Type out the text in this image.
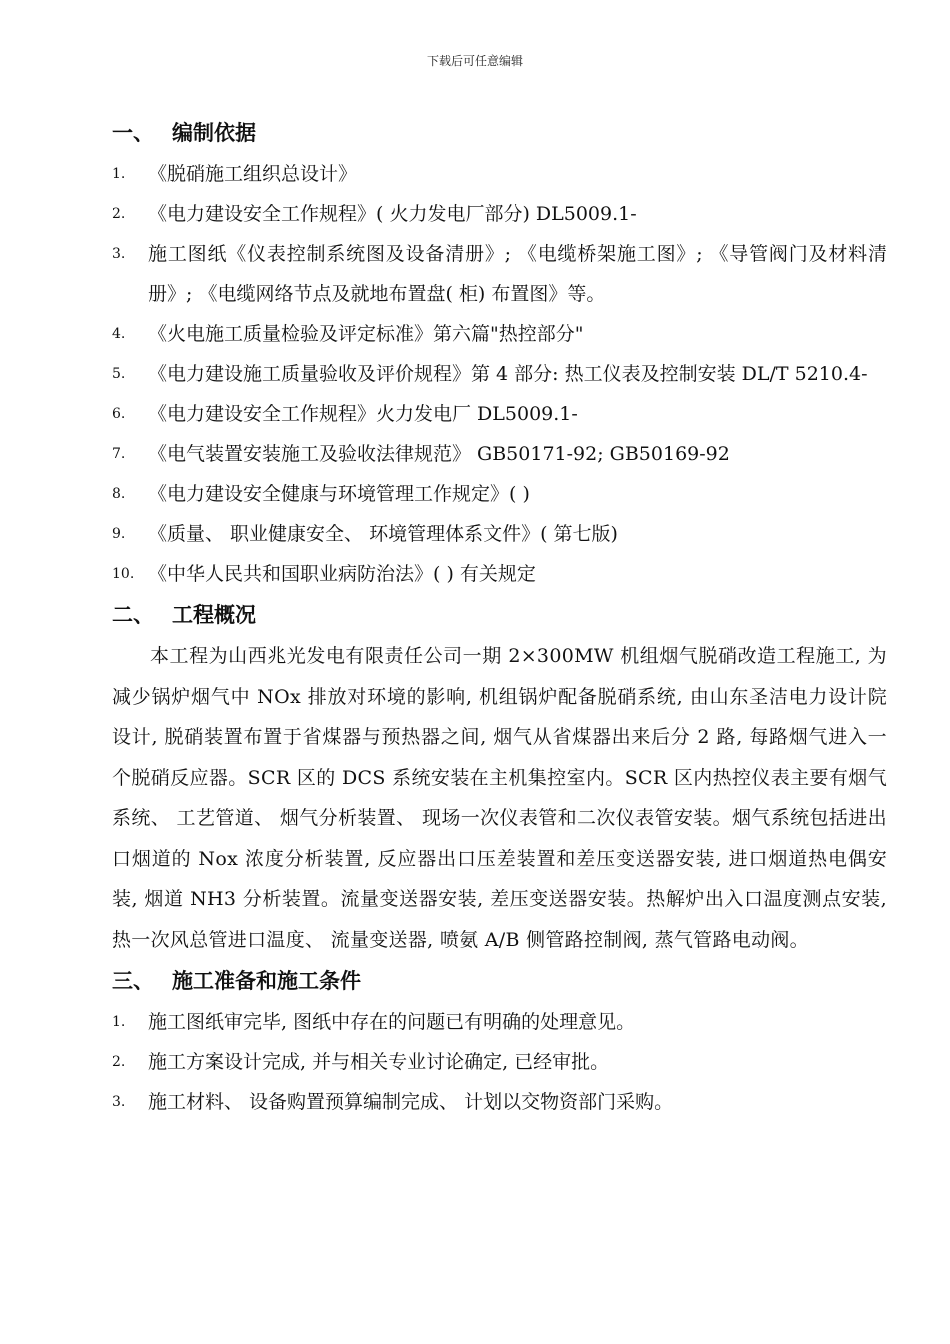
下载后可任意编辑
一、 编制依据
1.	《脱硝施工组织总设计》
2.	《电力建设安全工作规程》( 火力发电厂部分) DL5009.1-
3.	施工图纸《仪表控制系统图及设备清册》; 《电缆桥架施工图》; 《导管阀门及材料清册》; 《电缆网络节点及就地布置盘( 柜) 布置图》等。
4.	《火电施工质量检验及评定标准》第六篇"热控部分"
5.	《电力建设施工质量验收及评价规程》第 4 部分: 热工仪表及控制安装 DL/T 5210.4-
6.	《电力建设安全工作规程》火力发电厂 DL5009.1-
7.	《电气装置安装施工及验收法律规范》 GB50171-92; GB50169-92
8.	《电力建设安全健康与环境管理工作规定》( )
9.	《质量、 职业健康安全、 环境管理体系文件》( 第七版)
10. 《中华人民共和国职业病防治法》( ) 有关规定
二、 工程概况
本工程为山西兆光发电有限责任公司一期 2×300MW 机组烟气脱硝改造工程施工, 为减少锅炉烟气中 NOx 排放对环境的影响, 机组锅炉配备脱硝系统, 由山东圣洁电力设计院设计, 脱硝装置布置于省煤器与预热器之间, 烟气从省煤器出来后分 2 路, 每路烟气进入一个脱硝反应器。SCR 区的 DCS 系统安装在主机集控室内。SCR 区内热控仪表主要有烟气系统、 工艺管道、 烟气分析装置、 现场一次仪表管和二次仪表管安装。烟气系统包括进出口烟道的 Nox 浓度分析装置, 反应器出口压差装置和差压变送器安装, 进口烟道热电偶安装, 烟道 NH3 分析装置。流量变送器安装, 差压变送器安装。热解炉出入口温度测点安装, 热一次风总管进口温度、 流量变送器, 喷氨 A/B 侧管路控制阀, 蒸气管路电动阀。
三、 施工准备和施工条件
1.	施工图纸审完毕, 图纸中存在的问题已有明确的处理意见。
2.	施工方案设计完成, 并与相关专业讨论确定, 已经审批。
3.	施工材料、 设备购置预算编制完成、 计划以交物资部门采购。
